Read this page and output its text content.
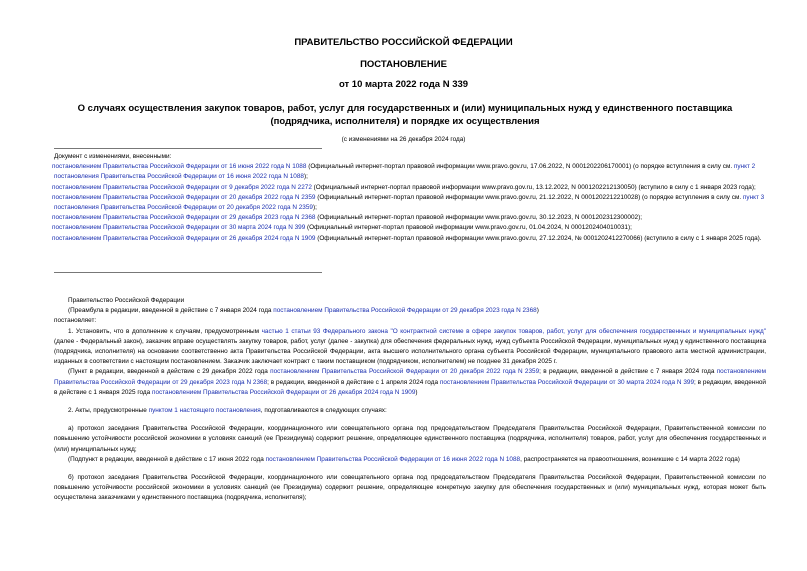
ПРАВИТЕЛЬСТВО РОССИЙСКОЙ ФЕДЕРАЦИИ
ПОСТАНОВЛЕНИЕ
от 10 марта 2022 года N 339
О случаях осуществления закупок товаров, работ, услуг для государственных и (или) муниципальных нужд у единственного поставщика (подрядчика, исполнителя) и порядке их осуществления
(с изменениями на 26 декабря 2024 года)
Документ с изменениями, внесенными:
постановлением Правительства Российской Федерации от 16 июня 2022 года N 1088 (Официальный интернет-портал правовой информации www.pravo.gov.ru, 17.06.2022, N 0001202206170001) (о порядке вступления в силу см. пункт 2 постановления Правительства Российской Федерации от 16 июня 2022 года N 1088);
постановлением Правительства Российской Федерации от 9 декабря 2022 года N 2272 (Официальный интернет-портал правовой информации www.pravo.gov.ru, 13.12.2022, N 0001202212130050) (вступило в силу с 1 января 2023 года);
постановлением Правительства Российской Федерации от 20 декабря 2022 года N 2359 (Официальный интернет-портал правовой информации www.pravo.gov.ru, 21.12.2022, N 0001202212210028) (о порядке вступления в силу см. пункт 3 постановления Правительства Российской Федерации от 20 декабря 2022 года N 2359);
постановлением Правительства Российской Федерации от 29 декабря 2023 года N 2368 (Официальный интернет-портал правовой информации www.pravo.gov.ru, 30.12.2023, N 0001202312300002);
постановлением Правительства Российской Федерации от 30 марта 2024 года N 399 (Официальный интернет-портал правовой информации www.pravo.gov.ru, 01.04.2024, N 0001202404010031);
постановлением Правительства Российской Федерации от 26 декабря 2024 года N 1909 (Официальный интернет-портал правовой информации www.pravo.gov.ru, 27.12.2024, № 0001202412270066) (вступило в силу с 1 января 2025 года).

Правительство Российской Федерации

(Преамбула в редакции, введенной в действие с 7 января 2024 года постановлением Правительства Российской Федерации от 29 декабря 2023 года N 2368)

постановляет:

1. Установить, что в дополнение к случаям, предусмотренным частью 1 статьи 93 Федерального закона "О контрактной системе в сфере закупок товаров, работ, услуг для обеспечения государственных и муниципальных нужд" (далее - Федеральный закон), заказчик вправе осуществлять закупку товаров, работ, услуг (далее - закупка) для обеспечения федеральных нужд, нужд субъекта Российской Федерации, муниципальных нужд у единственного поставщика (подрядчика, исполнителя) на основании соответственно акта Правительства Российской Федерации, акта высшего исполнительного органа субъекта Российской Федерации, муниципального правового акта местной администрации, изданных в соответствии с настоящим постановлением. Заказчик заключает контракт с таким поставщиком (подрядчиком, исполнителем) не позднее 31 декабря 2025 г.

(Пункт в редакции, введенной в действие с 29 декабря 2022 года постановлением Правительства Российской Федерации от 20 декабря 2022 года N 2359; в редакции, введенной в действие с 7 января 2024 года постановлением Правительства Российской Федерации от 29 декабря 2023 года N 2368; в редакции, введенной в действие с 1 апреля 2024 года постановлением Правительства Российской Федерации от 30 марта 2024 года N 399; в редакции, введенной в действие с 1 января 2025 года постановлением Правительства Российской Федерации от 26 декабря 2024 года N 1909)

2. Акты, предусмотренные пунктом 1 настоящего постановления, подготавливаются в следующих случаях:

а) протокол заседания Правительства Российской Федерации, координационного или совещательного органа под председательством Председателя Правительства Российской Федерации, Правительственной комиссии по повышению устойчивости российской экономики в условиях санкций (ее Президиума) содержит решение, определяющее единственного поставщика (подрядчика, исполнителя) товаров, работ, услуг для обеспечения государственных и (или) муниципальных нужд;

(Подпункт в редакции, введенной в действие с 17 июня 2022 года постановлением Правительства Российской Федерации от 16 июня 2022 года N 1088, распространяется на правоотношения, возникшие с 14 марта 2022 года)

б) протокол заседания Правительства Российской Федерации, координационного или совещательного органа под председательством Председателя Правительства Российской Федерации, Правительственной комиссии по повышению устойчивости российской экономики в условиях санкций (ее Президиума) содержит решение, определяющее конкретную закупку для обеспечения государственных и (или) муниципальных нужд, которая может быть осуществлена заказчиками у единственного поставщика (подрядчика, исполнителя);
